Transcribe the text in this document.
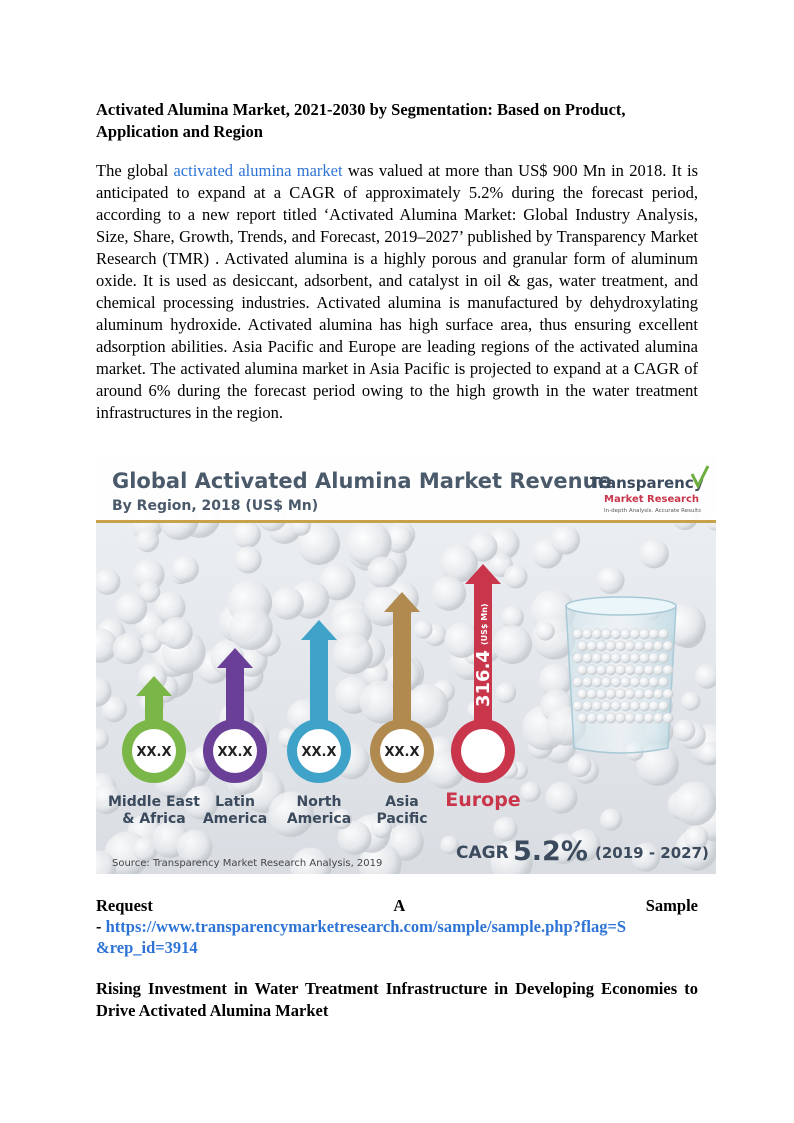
Activated Alumina Market, 2021-2030 by Segmentation: Based on Product, Application and Region

The global activated alumina market was valued at more than US$ 900 Mn in 2018. It is anticipated to expand at a CAGR of approximately 5.2% during the forecast period, according to a new report titled ‘Activated Alumina Market: Global Industry Analysis, Size, Share, Growth, Trends, and Forecast, 2019–2027’ published by Transparency Market Research (TMR) . Activated alumina is a highly porous and granular form of aluminum oxide. It is used as desiccant, adsorbent, and catalyst in oil & gas, water treatment, and chemical processing industries. Activated alumina is manufactured by dehydroxylating aluminum hydroxide. Activated alumina has high surface area, thus ensuring excellent adsorption abilities. Asia Pacific and Europe are leading regions of the activated alumina market. The activated alumina market in Asia Pacific is projected to expand at a CAGR of around 6% during the forecast period owing to the high growth in the water treatment infrastructures in the region.

Global Activated Alumina Market Revenue
By Region, 2018 (US$ Mn)
Transparency
Market Research
In-depth Analysis. Accurate Results
XX.X
Middle East
& Africa
XX.X
Latin
America
XX.X
North
America
XX.X
Asia
Pacific
Europe
316.4
(US$ Mn)
Source: Transparency Market Research Analysis, 2019
CAGR 5.2% (2019 - 2027)
Request	A	Sample
- https://www.transparencymarketresearch.com/sample/sample.php?flag=S
&rep_id=3914
Rising Investment in Water Treatment Infrastructure in Developing Economies to Drive Activated Alumina Market
